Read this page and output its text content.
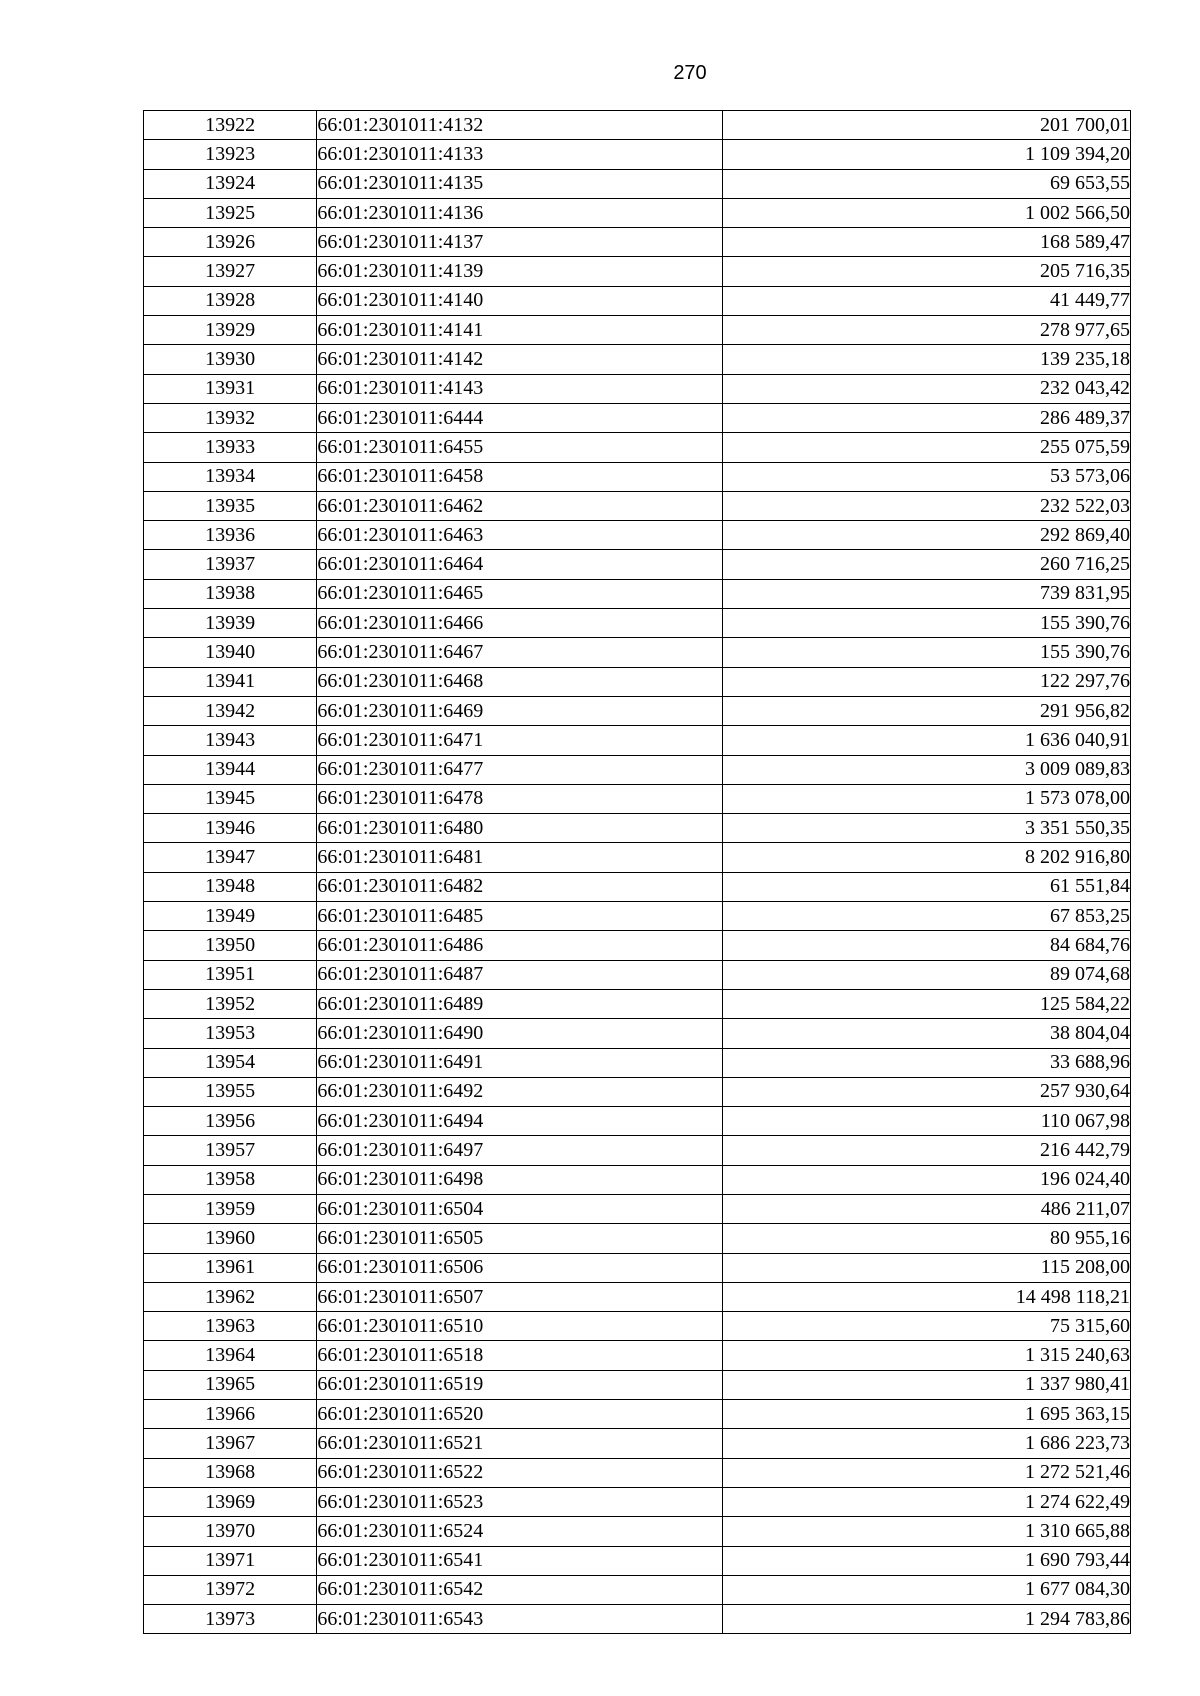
270
13922	66:01:2301011:4132	201 700,01
13923	66:01:2301011:4133	1 109 394,20
13924	66:01:2301011:4135	69 653,55
13925	66:01:2301011:4136	1 002 566,50
13926	66:01:2301011:4137	168 589,47
13927	66:01:2301011:4139	205 716,35
13928	66:01:2301011:4140	41 449,77
13929	66:01:2301011:4141	278 977,65
13930	66:01:2301011:4142	139 235,18
13931	66:01:2301011:4143	232 043,42
13932	66:01:2301011:6444	286 489,37
13933	66:01:2301011:6455	255 075,59
13934	66:01:2301011:6458	53 573,06
13935	66:01:2301011:6462	232 522,03
13936	66:01:2301011:6463	292 869,40
13937	66:01:2301011:6464	260 716,25
13938	66:01:2301011:6465	739 831,95
13939	66:01:2301011:6466	155 390,76
13940	66:01:2301011:6467	155 390,76
13941	66:01:2301011:6468	122 297,76
13942	66:01:2301011:6469	291 956,82
13943	66:01:2301011:6471	1 636 040,91
13944	66:01:2301011:6477	3 009 089,83
13945	66:01:2301011:6478	1 573 078,00
13946	66:01:2301011:6480	3 351 550,35
13947	66:01:2301011:6481	8 202 916,80
13948	66:01:2301011:6482	61 551,84
13949	66:01:2301011:6485	67 853,25
13950	66:01:2301011:6486	84 684,76
13951	66:01:2301011:6487	89 074,68
13952	66:01:2301011:6489	125 584,22
13953	66:01:2301011:6490	38 804,04
13954	66:01:2301011:6491	33 688,96
13955	66:01:2301011:6492	257 930,64
13956	66:01:2301011:6494	110 067,98
13957	66:01:2301011:6497	216 442,79
13958	66:01:2301011:6498	196 024,40
13959	66:01:2301011:6504	486 211,07
13960	66:01:2301011:6505	80 955,16
13961	66:01:2301011:6506	115 208,00
13962	66:01:2301011:6507	14 498 118,21
13963	66:01:2301011:6510	75 315,60
13964	66:01:2301011:6518	1 315 240,63
13965	66:01:2301011:6519	1 337 980,41
13966	66:01:2301011:6520	1 695 363,15
13967	66:01:2301011:6521	1 686 223,73
13968	66:01:2301011:6522	1 272 521,46
13969	66:01:2301011:6523	1 274 622,49
13970	66:01:2301011:6524	1 310 665,88
13971	66:01:2301011:6541	1 690 793,44
13972	66:01:2301011:6542	1 677 084,30
13973	66:01:2301011:6543	1 294 783,86
